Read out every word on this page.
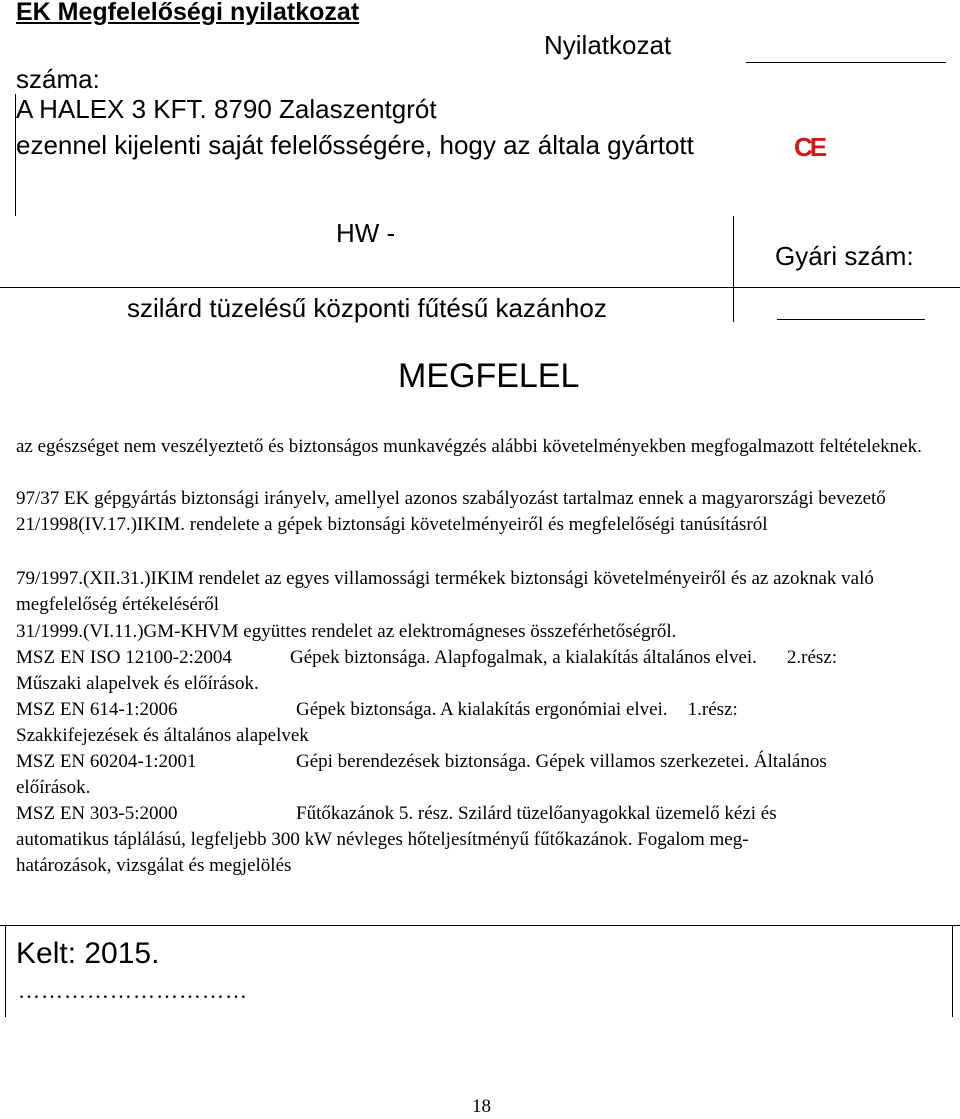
EK Megfelelőségi nyilatkozat
Nyilatkozat
száma:
A HALEX 3 KFT. 8790 Zalaszentgrót
ezennel kijelenti saját felelősségére, hogy az általa gyártott	CE
HW -
Gyári szám:
szilárd tüzelésű központi fűtésű kazánhoz
MEGFELEL
az egészséget nem veszélyeztető és biztonságos munkavégzés alábbi követelményekben megfogalmazott feltételeknek.
97/37 EK gépgyártás biztonsági irányelv, amellyel azonos szabályozást tartalmaz ennek a magyarországi bevezető 21/1998(IV.17.)IKIM. rendelete a gépek biztonsági követelményeiről és megfelelőségi tanúsításról
79/1997.(XII.31.)IKIM rendelet az egyes villamossági termékek biztonsági követelményeiről és az azoknak való megfelelőség értékeléséről
31/1999.(VI.11.)GM-KHVM együttes rendelet az elektromágneses összeférhetőségről.
MSZ EN ISO 12100-2:2004	Gépek biztonsága. Alapfogalmak, a kialakítás általános elvei. 2.rész:
Műszaki alapelvek és előírások.
MSZ EN 614-1:2006	Gépek biztonsága. A kialakítás ergonómiai elvei. 1.rész:
Szakkifejezések és általános alapelvek
MSZ EN 60204-1:2001	Gépi berendezések biztonsága. Gépek villamos szerkezetei. Általános
előírások.
MSZ EN 303-5:2000	Fűtőkazánok 5. rész. Szilárd tüzelőanyagokkal üzemelő kézi és
automatikus táplálású, legfeljebb 300 kW névleges hőteljesítményű fűtőkazánok. Fogalom meg-
határozások, vizsgálat és megjelölés
Kelt: 2015.
…………………………
18
